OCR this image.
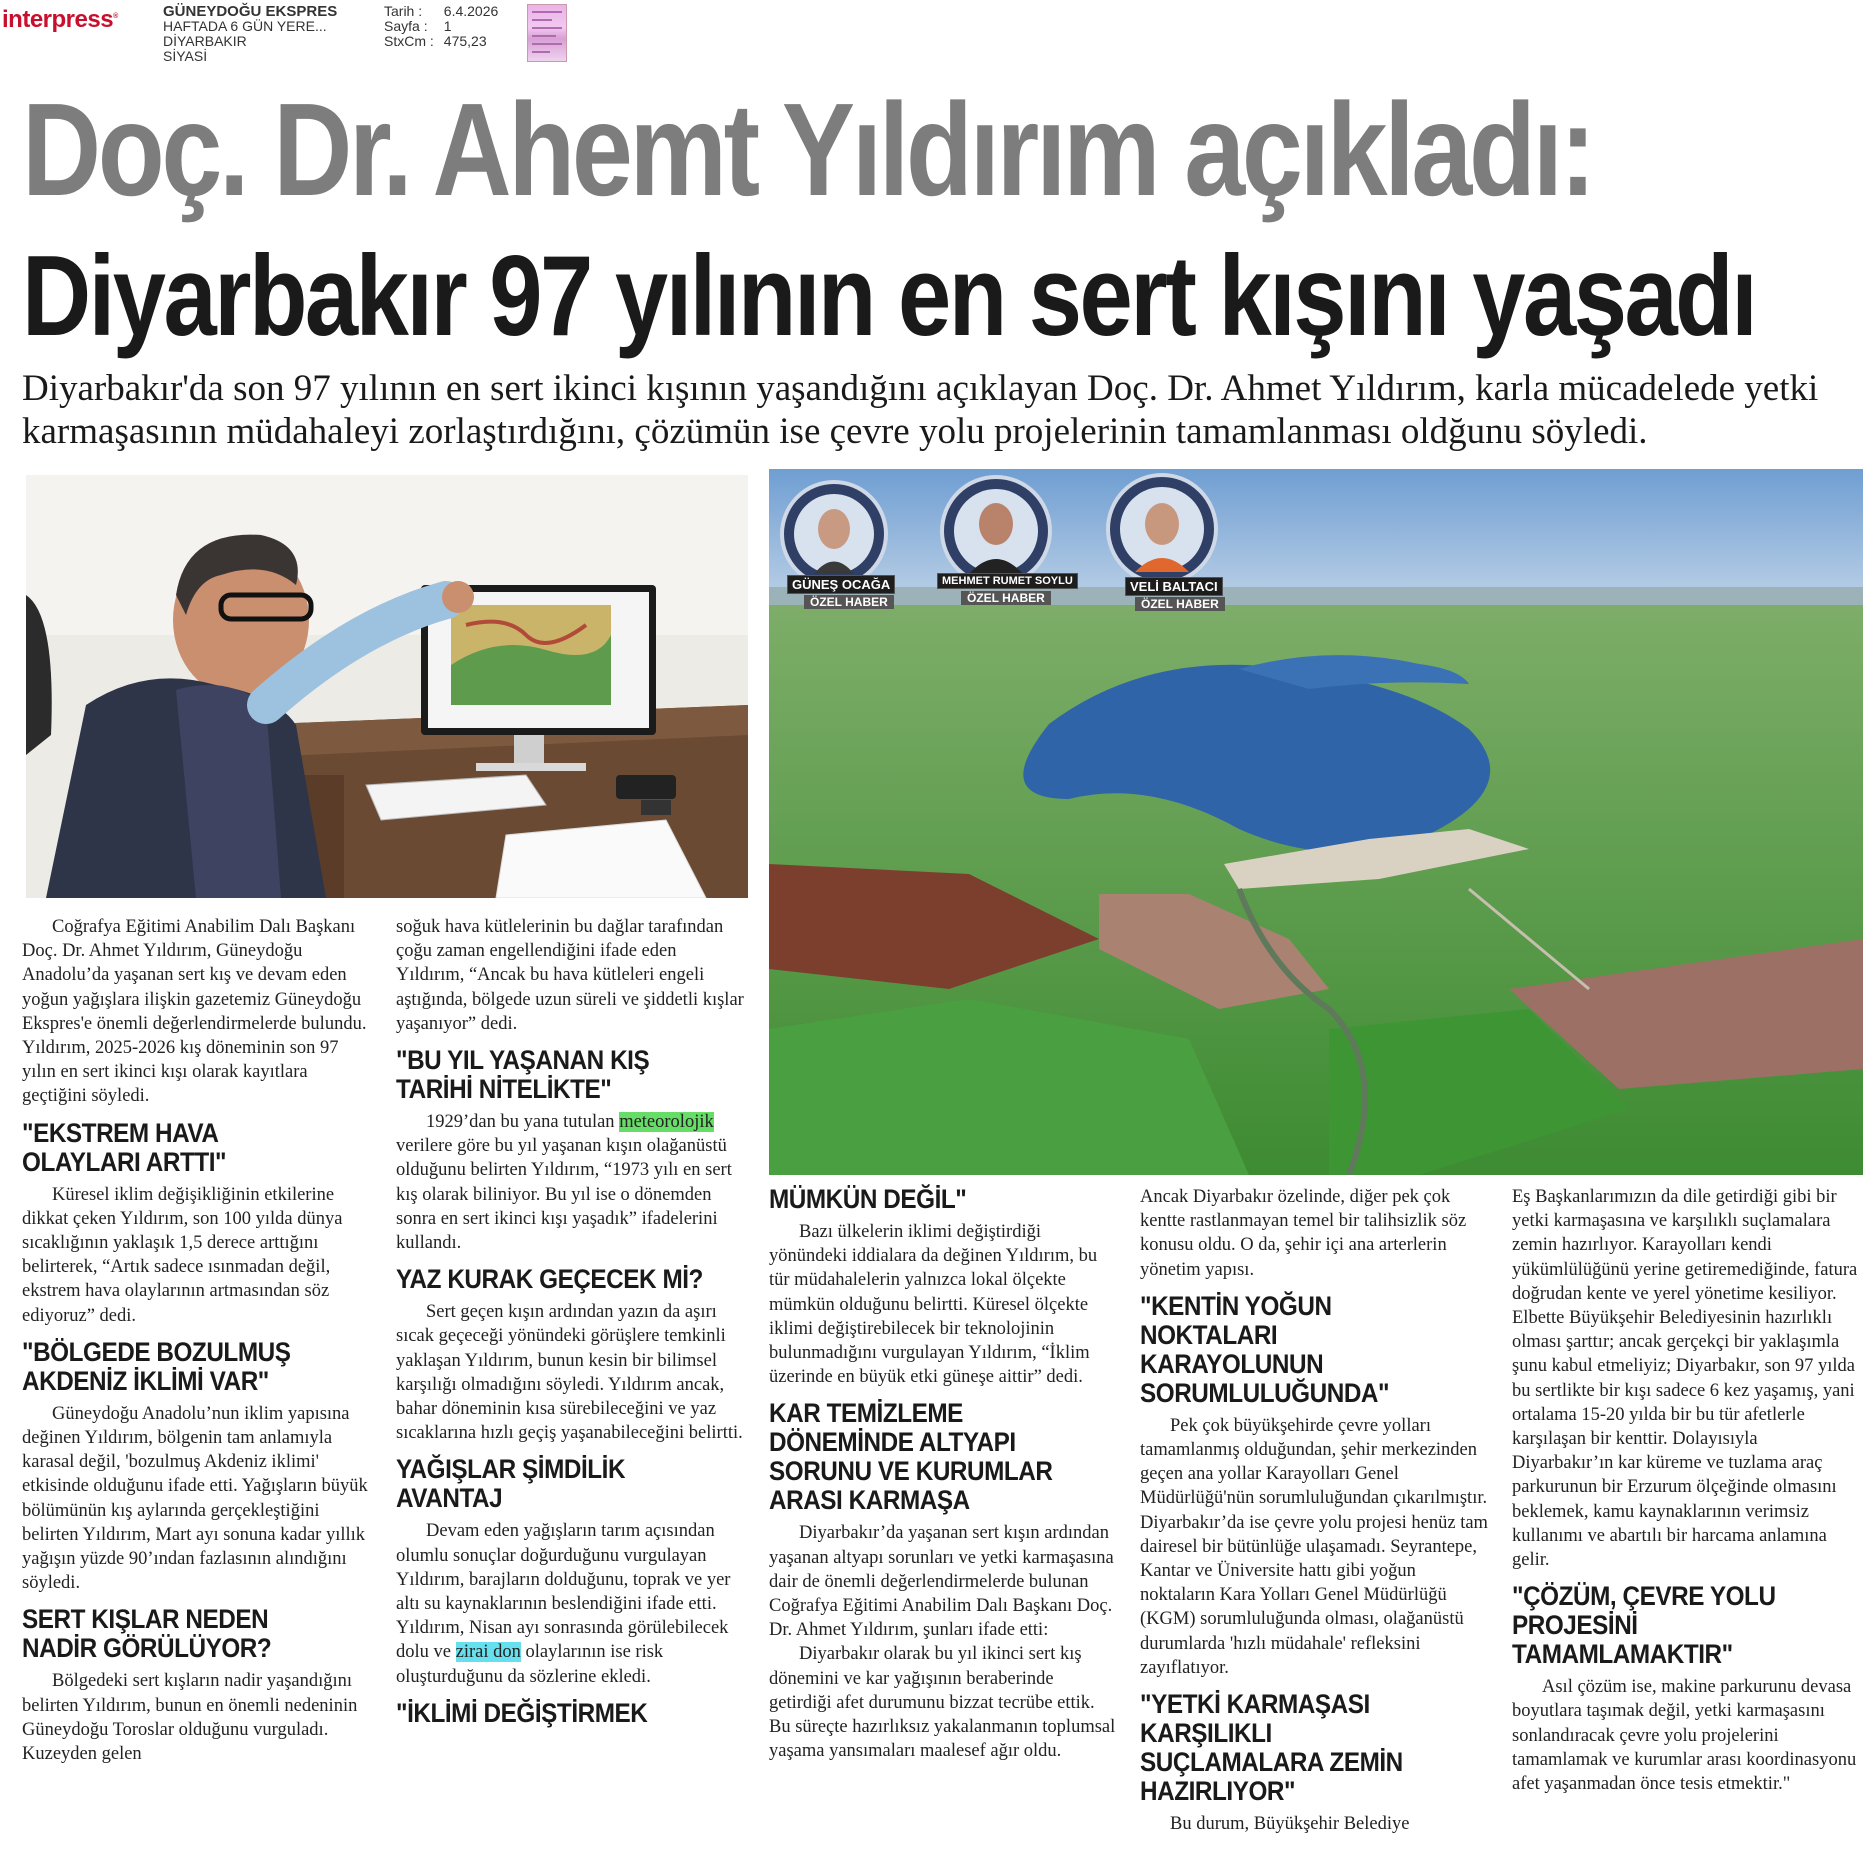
interpress®	GÜNEYDOĞU EKSPRES
HAFTADA 6 GÜN YERE...
DİYARBAKIR
SİYASİ
Tarih :	6.4.2026
Sayfa :	1
StxCm :	475,23
Doç. Dr. Ahemt Yıldırım açıkladı:
Diyarbakır 97 yılının en sert kışını yaşadı
Diyarbakır'da son 97 yılının en sert ikinci kışının yaşandığını açıklayan Doç. Dr. Ahmet Yıldırım, karla mücadelede yetki karmaşasının müdahaleyi zorlaştırdığını, çözümün ise çevre yolu projelerinin tamamlanması oldğunu söyledi.
GÜNEŞ OCAĞA
ÖZEL HABER
MEHMET RUMET SOYLU
ÖZEL HABER
VELİ BALTACI
ÖZEL HABER

Coğrafya Eğitimi Anabilim Dalı Başkanı Doç. Dr. Ahmet Yıldırım, Güneydoğu Anadolu’da yaşanan sert kış ve devam eden yoğun yağışlara ilişkin gazetemiz Güneydoğu Ekspres'e önemli değerlendirmelerde bulundu. Yıldırım, 2025-2026 kış döneminin son 97 yılın en sert ikinci kışı olarak kayıtlara geçtiğini söyledi.

"EKSTREM HAVA OLAYLARI ARTTI"

Küresel iklim değişikliğinin etkilerine dikkat çeken Yıldırım, son 100 yılda dünya sıcaklığının yaklaşık 1,5 derece arttığını belirterek, “Artık sadece ısınmadan değil, ekstrem hava olaylarının artmasından söz ediyoruz” dedi.

"BÖLGEDE BOZULMUŞ AKDENİZ İKLİMİ VAR"

Güneydoğu Anadolu’nun iklim yapısına değinen Yıldırım, bölgenin tam anlamıyla karasal değil, 'bozulmuş Akdeniz iklimi' etkisinde olduğunu ifade etti. Yağışların büyük bölümünün kış aylarında gerçekleştiğini belirten Yıldırım, Mart ayı sonuna kadar yıllık yağışın yüzde 90’ından fazlasının alındığını söyledi.

SERT KIŞLAR NEDEN NADİR GÖRÜLÜYOR?

Bölgedeki sert kışların nadir yaşandığını belirten Yıldırım, bunun en önemli nedeninin Güneydoğu Toroslar olduğunu vurguladı. Kuzeyden gelen

soğuk hava kütlelerinin bu dağlar tarafından çoğu zaman engellendiğini ifade eden Yıldırım, “Ancak bu hava kütleleri engeli aştığında, bölgede uzun süreli ve şiddetli kışlar yaşanıyor” dedi.

"BU YIL YAŞANAN KIŞ TARİHİ NİTELİKTE"

1929’dan bu yana tutulan meteorolojik verilere göre bu yıl yaşanan kışın olağanüstü olduğunu belirten Yıldırım, “1973 yılı en sert kış olarak biliniyor. Bu yıl ise o dönemden sonra en sert ikinci kışı yaşadık” ifadelerini kullandı.

YAZ KURAK GEÇECEK Mİ?

Sert geçen kışın ardından yazın da aşırı sıcak geçeceği yönündeki görüşlere temkinli yaklaşan Yıldırım, bunun kesin bir bilimsel karşılığı olmadığını söyledi. Yıldırım ancak, bahar döneminin kısa sürebileceğini ve yaz sıcaklarına hızlı geçiş yaşanabileceğini belirtti.

YAĞIŞLAR ŞİMDİLİK AVANTAJ

Devam eden yağışların tarım açısından olumlu sonuçlar doğurduğunu vurgulayan Yıldırım, barajların dolduğunu, toprak ve yer altı su kaynaklarının beslendiğini ifade etti. Yıldırım, Nisan ayı sonrasında görülebilecek dolu ve zirai don olaylarının ise risk oluşturduğunu da sözlerine ekledi.

"İKLİMİ DEĞİŞTİRMEK
MÜMKÜN DEĞİL"

Bazı ülkelerin iklimi değiştirdiği yönündeki iddialara da değinen Yıldırım, bu tür müdahalelerin yalnızca lokal ölçekte mümkün olduğunu belirtti. Küresel ölçekte iklimi değiştirebilecek bir teknolojinin bulunmadığını vurgulayan Yıldırım, “İklim üzerinde en büyük etki güneşe aittir” dedi.

KAR TEMİZLEME DÖNEMİNDE ALTYAPI SORUNU VE KURUMLAR ARASI KARMAŞA

Diyarbakır’da yaşanan sert kışın ardından yaşanan altyapı sorunları ve yetki karmaşasına dair de önemli değerlendirmelerde bulunan Coğrafya Eğitimi Anabilim Dalı Başkanı Doç. Dr. Ahmet Yıldırım, şunları ifade etti:

Diyarbakır olarak bu yıl ikinci sert kış dönemini ve kar yağışının beraberinde getirdiği afet durumunu bizzat tecrübe ettik. Bu süreçte hazırlıksız yakalanmanın toplumsal yaşama yansımaları maalesef ağır oldu.

Ancak Diyarbakır özelinde, diğer pek çok kentte rastlanmayan temel bir talihsizlik söz konusu oldu. O da, şehir içi ana arterlerin yönetim yapısı.

"KENTİN YOĞUN NOKTALARI KARAYOLUNUN SORUMLULUĞUNDA"

Pek çok büyükşehirde çevre yolları tamamlanmış olduğundan, şehir merkezinden geçen ana yollar Karayolları Genel Müdürlüğü'nün sorumluluğundan çıkarılmıştır. Diyarbakır’da ise çevre yolu projesi henüz tam dairesel bir bütünlüğe ulaşamadı. Seyrantepe, Kantar ve Üniversite hattı gibi yoğun noktaların Kara Yolları Genel Müdürlüğü (KGM) sorumluluğunda olması, olağanüstü durumlarda 'hızlı müdahale' refleksini zayıflatıyor.

"YETKİ KARMAŞASI KARŞILIKLI SUÇLAMALARA ZEMİN HAZIRLIYOR"

Bu durum, Büyükşehir Belediye

Eş Başkanlarımızın da dile getirdiği gibi bir yetki karmaşasına ve karşılıklı suçlamalara zemin hazırlıyor. Karayolları kendi yükümlülüğünü yerine getiremediğinde, fatura doğrudan kente ve yerel yönetime kesiliyor. Elbette Büyükşehir Belediyesinin hazırlıklı olması şarttır; ancak gerçekçi bir yaklaşımla şunu kabul etmeliyiz; Diyarbakır, son 97 yılda bu sertlikte bir kışı sadece 6 kez yaşamış, yani ortalama 15-20 yılda bir bu tür afetlerle karşılaşan bir kenttir. Dolayısıyla Diyarbakır’ın kar küreme ve tuzlama araç parkurunun bir Erzurum ölçeğinde olmasını beklemek, kamu kaynaklarının verimsiz kullanımı ve abartılı bir harcama anlamına gelir.

"ÇÖZÜM, ÇEVRE YOLU PROJESİNİ TAMAMLAMAKTIR"

Asıl çözüm ise, makine parkurunu devasa boyutlara taşımak değil, yetki karmaşasını sonlandıracak çevre yolu projelerini tamamlamak ve kurumlar arası koordinasyonu afet yaşanmadan önce tesis etmektir."
